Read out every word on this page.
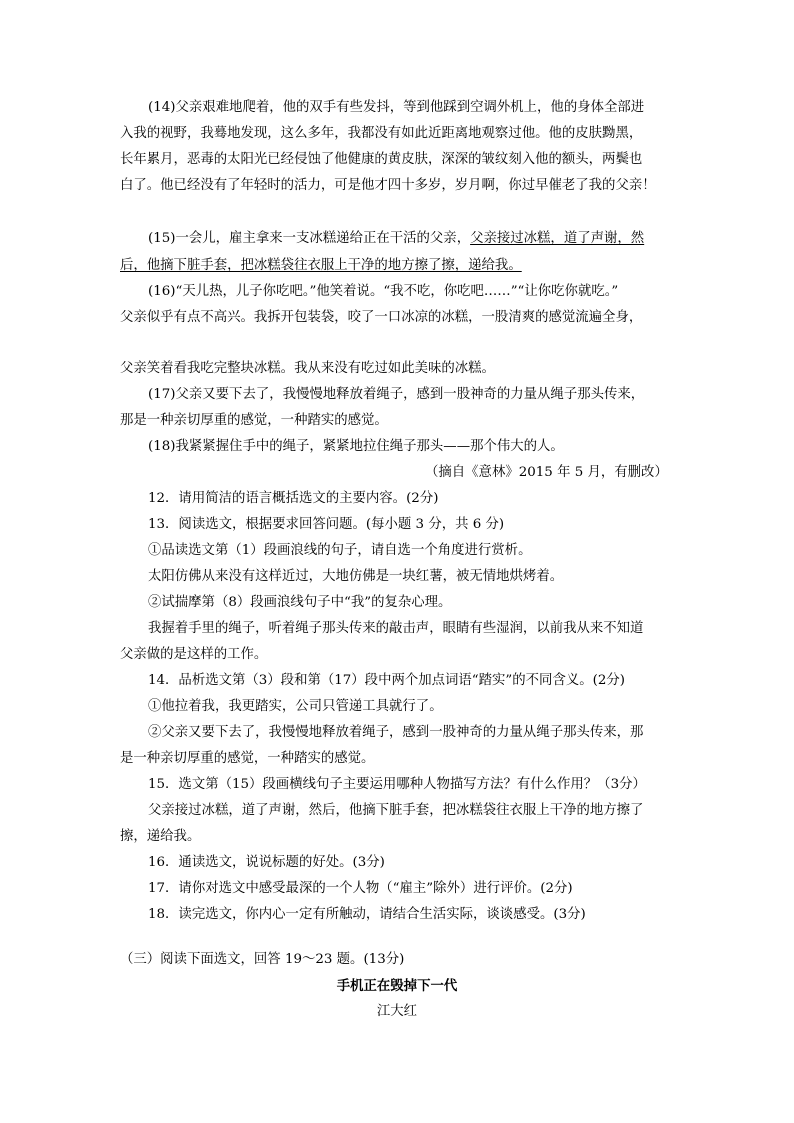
(14)父亲艰难地爬着，他的双手有些发抖，等到他踩到空调外机上，他的身体全部进
入我的视野，我蓦地发现，这么多年，我都没有如此近距离地观察过他。他的皮肤黝黑，
长年累月，恶毒的太阳光已经侵蚀了他健康的黄皮肤，深深的皱纹刻入他的额头，两鬓也
白了。他已经没有了年轻时的活力，可是他才四十多岁，岁月啊，你过早催老了我的父亲！
(15)一会儿，雇主拿来一支冰糕递给正在干活的父亲，父亲接过冰糕，道了声谢，然
后，他摘下脏手套，把冰糕袋往衣服上干净的地方擦了擦，递给我。
(16)“天儿热，儿子你吃吧。”他笑着说。“我不吃，你吃吧……”“让你吃你就吃。”
父亲似乎有点不高兴。我拆开包装袋，咬了一口冰凉的冰糕，一股清爽的感觉流遍全身，
父亲笑着看我吃完整块冰糕。我从来没有吃过如此美味的冰糕。
(17)父亲又要下去了，我慢慢地释放着绳子，感到一股神奇的力量从绳子那头传来，
那是一种亲切厚重的感觉，一种踏实的感觉。
(18)我紧紧握住手中的绳子，紧紧地拉住绳子那头——那个伟大的人。
（摘自《意林》2015 年 5 月，有删改）
12．请用简洁的语言概括选文的主要内容。(2分)
13．阅读选文，根据要求回答问题。(每小题 3 分，共 6 分)
①品读选文第（1）段画浪线的句子，请自选一个角度进行赏析。
太阳仿佛从来没有这样近过，大地仿佛是一块红薯，被无情地烘烤着。
②试揣摩第（8）段画浪线句子中“我”的复杂心理。
我握着手里的绳子，听着绳子那头传来的敲击声，眼睛有些湿润，以前我从来不知道
父亲做的是这样的工作。
14．品析选文第（3）段和第（17）段中两个加点词语“踏实”的不同含义。(2分)
①他拉着我，我更踏实，公司只管递工具就行了。
②父亲又要下去了，我慢慢地释放着绳子，感到一股神奇的力量从绳子那头传来，那
是一种亲切厚重的感觉，一种踏实的感觉。
15．选文第（15）段画横线句子主要运用哪种人物描写方法？有什么作用？（3分）
父亲接过冰糕，道了声谢，然后，他摘下脏手套，把冰糕袋往衣服上干净的地方擦了
擦，递给我。
16．通读选文，说说标题的好处。(3分)
17．请你对选文中感受最深的一个人物（“雇主”除外）进行评价。(2分)
18．读完选文，你内心一定有所触动，请结合生活实际，谈谈感受。(3分)
（三）阅读下面选文，回答 19～23 题。(13分)
手机正在毁掉下一代
江大红
